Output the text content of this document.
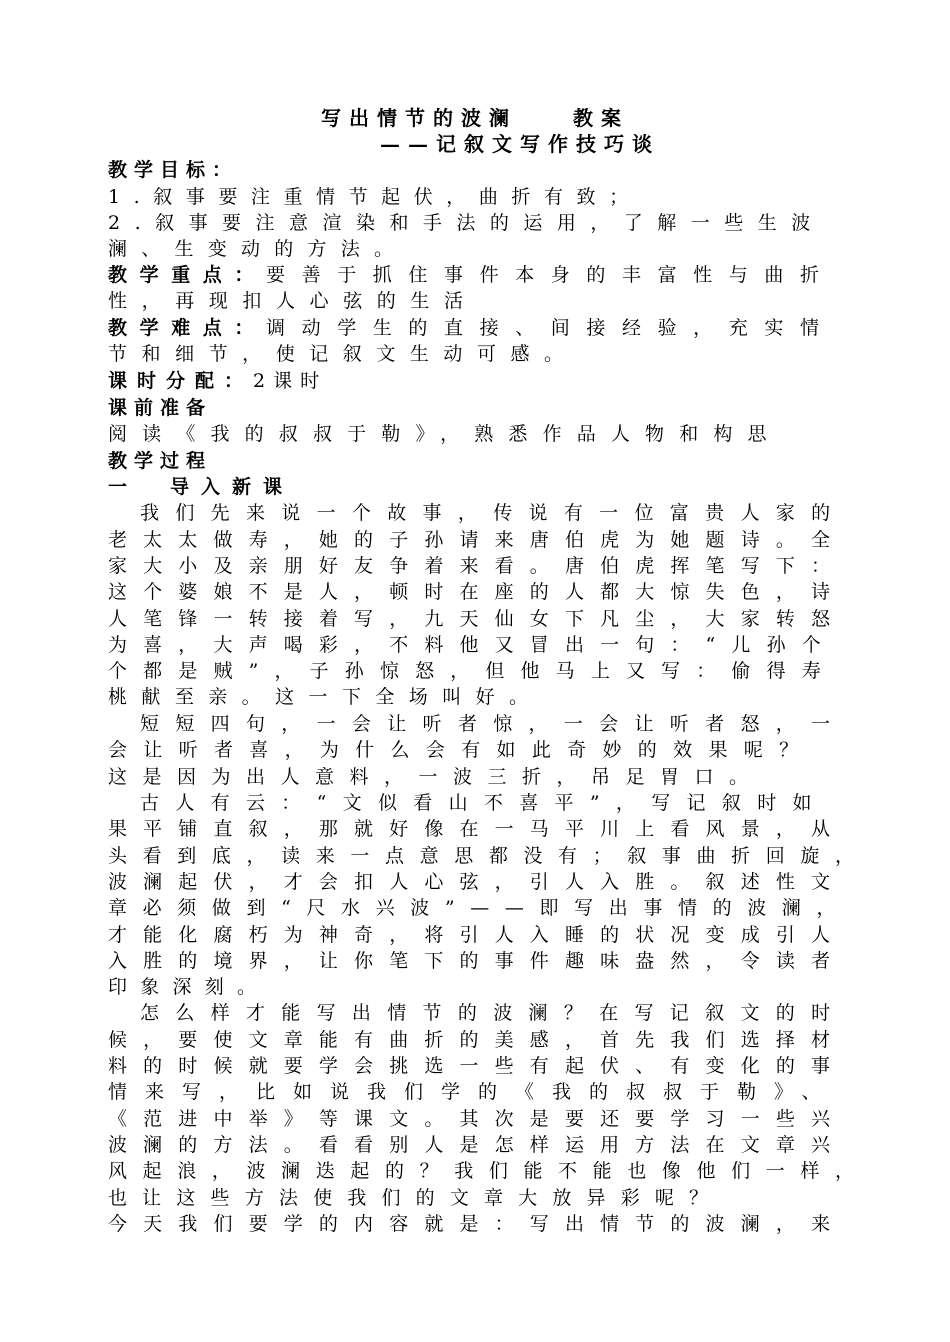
写出情节的波澜　　教案
——记叙文写作技巧谈
教学目标：
1.叙事要注重情节起伏，曲折有致；
2.叙事要注意渲染和手法的运用，了解一些生波
澜、生变动的方法。
教学重点：要善于抓住事件本身的丰富性与曲折
性，再现扣人心弦的生活
教学难点：调动学生的直接、间接经验，充实情
节和细节，使记叙文生动可感。
课时分配：2课时
课前准备
阅读《我的叔叔于勒》，熟悉作品人物和构思
教学过程
一　导入新课
我们先来说一个故事，传说有一位富贵人家的
老太太做寿，她的子孙请来唐伯虎为她题诗。全
家大小及亲朋好友争着来看。唐伯虎挥笔写下：
这个婆娘不是人，顿时在座的人都大惊失色，诗
人笔锋一转接着写，九天仙女下凡尘，大家转怒
为喜，大声喝彩，不料他又冒出一句：“儿孙个
个都是贼”，子孙惊怒，但他马上又写：偷得寿
桃献至亲。这一下全场叫好。
短短四句，一会让听者惊，一会让听者怒，一
会让听者喜，为什么会有如此奇妙的效果呢？
这是因为出人意料，一波三折，吊足胃口。
古人有云：“文似看山不喜平”，写记叙时如
果平铺直叙，那就好像在一马平川上看风景，从
头看到底，读来一点意思都没有；叙事曲折回旋，
波澜起伏，才会扣人心弦，引人入胜。叙述性文
章必须做到“尺水兴波”——即写出事情的波澜，
才能化腐朽为神奇，将引人入睡的状况变成引人
入胜的境界，让你笔下的事件趣味盎然，令读者
印象深刻。
怎么样才能写出情节的波澜？在写记叙文的时
候，要使文章能有曲折的美感，首先我们选择材
料的时候就要学会挑选一些有起伏、有变化的事
情来写，比如说我们学的《我的叔叔于勒》、
《范进中举》等课文。其次是要还要学习一些兴
波澜的方法。看看别人是怎样运用方法在文章兴
风起浪，波澜迭起的？我们能不能也像他们一样，
也让这些方法使我们的文章大放异彩呢？
今天我们要学的内容就是：写出情节的波澜，来
